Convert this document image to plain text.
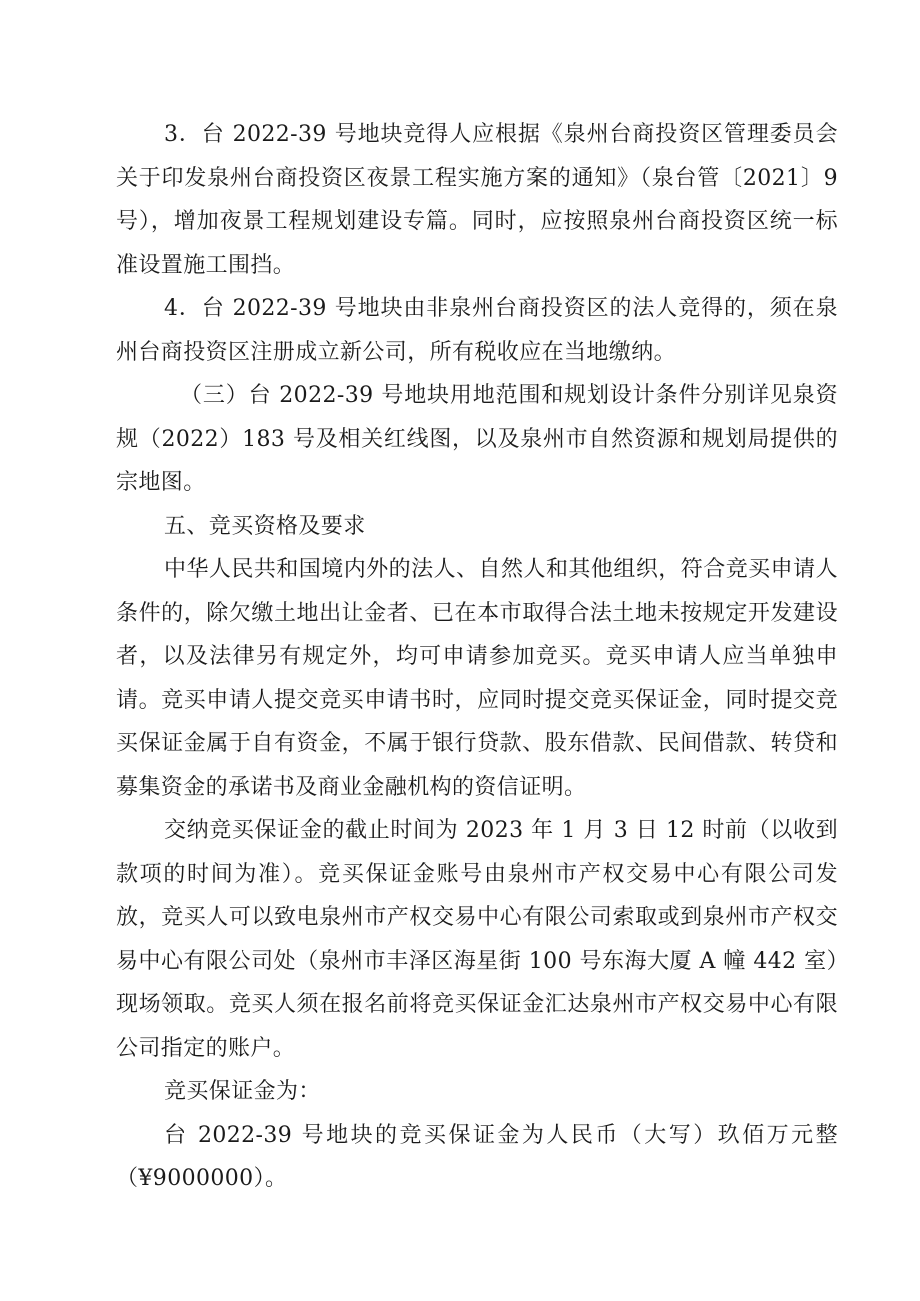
3．台 2022-39 号地块竞得人应根据《泉州台商投资区管理委员会关于印发泉州台商投资区夜景工程实施方案的通知》（泉台管〔2021〕9号），增加夜景工程规划建设专篇。同时，应按照泉州台商投资区统一标准设置施工围挡。

4．台 2022-39 号地块由非泉州台商投资区的法人竞得的，须在泉州台商投资区注册成立新公司，所有税收应在当地缴纳。

（三）台 2022-39 号地块用地范围和规划设计条件分别详见泉资规（2022）183 号及相关红线图，以及泉州市自然资源和规划局提供的宗地图。

五、竞买资格及要求

中华人民共和国境内外的法人、自然人和其他组织，符合竞买申请人条件的，除欠缴土地出让金者、已在本市取得合法土地未按规定开发建设者，以及法律另有规定外，均可申请参加竞买。竞买申请人应当单独申请。竞买申请人提交竞买申请书时，应同时提交竞买保证金，同时提交竞买保证金属于自有资金，不属于银行贷款、股东借款、民间借款、转贷和募集资金的承诺书及商业金融机构的资信证明。

交纳竞买保证金的截止时间为 2023 年 1 月 3 日 12 时前（以收到款项的时间为准）。竞买保证金账号由泉州市产权交易中心有限公司发放，竞买人可以致电泉州市产权交易中心有限公司索取或到泉州市产权交易中心有限公司处（泉州市丰泽区海星街 100 号东海大厦 A 幢 442 室）现场领取。竞买人须在报名前将竞买保证金汇达泉州市产权交易中心有限公司指定的账户。

竞买保证金为：

台 2022-39 号地块的竞买保证金为人民币（大写）玖佰万元整（¥9000000）。
